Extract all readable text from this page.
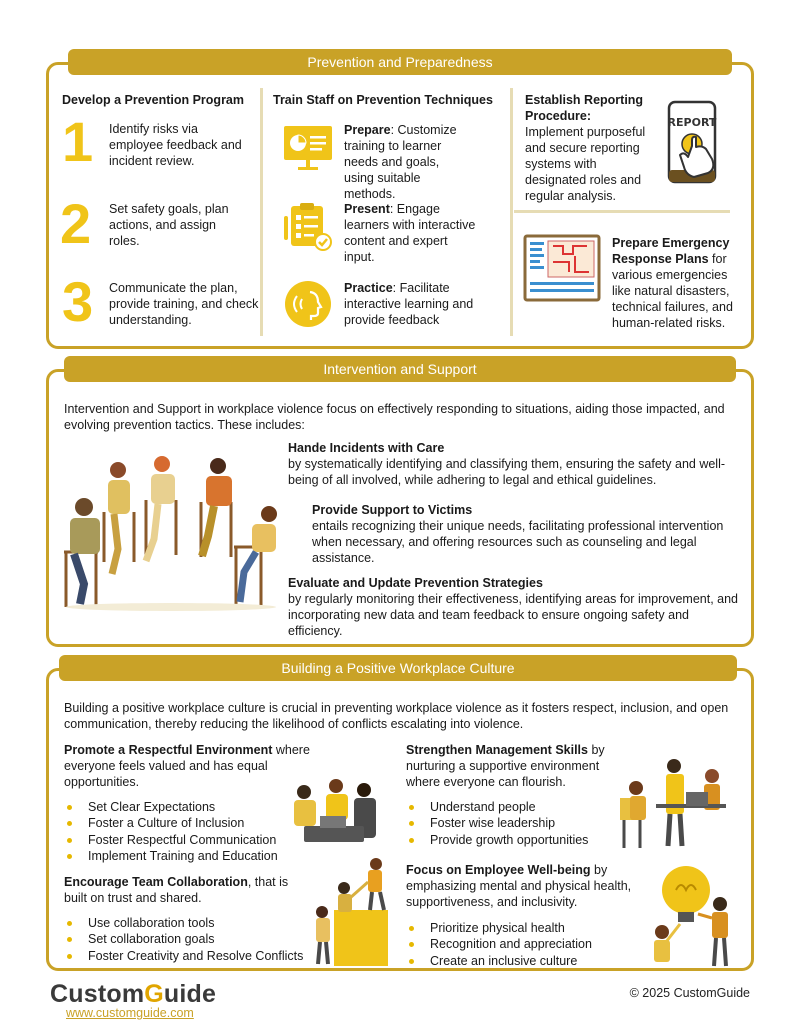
Prevention and Preparedness
Develop a Prevention Program
1 Identify risks via employee feedback and incident review.
2 Set safety goals, plan actions, and assign roles.
3 Communicate the plan, provide training, and check understanding.
Train Staff on Prevention Techniques
Prepare: Customize training to learner needs and goals, using suitable methods.
Present: Engage learners with interactive content and expert input.
Practice: Facilitate interactive learning and provide feedback
Establish Reporting Procedure:
Implement purposeful and secure reporting systems with designated roles and regular analysis.
REPORT
Prepare Emergency Response Plans for various emergencies like natural disasters, technical failures, and human-related risks.
Intervention and Support
Intervention and Support in workplace violence focus on effectively responding to situations, aiding those impacted, and evolving prevention tactics. These includes:
Hande Incidents with Care
by systematically identifying and classifying them, ensuring the safety and well-being of all involved, while adhering to legal and ethical guidelines.
Provide Support to Victims
entails recognizing their unique needs, facilitating professional intervention when necessary, and offering resources such as counseling and legal assistance.
Evaluate and Update Prevention Strategies
by regularly monitoring their effectiveness, identifying areas for improvement, and incorporating new data and team feedback to ensure ongoing safety and efficiency.
Building a Positive Workplace Culture
Building a positive workplace culture is crucial in preventing workplace violence as it fosters respect, inclusion, and open communication, thereby reducing the likelihood of conflicts escalating into violence.
Promote a Respectful Environment where everyone feels valued and has equal opportunities.
Set Clear Expectations
Foster a Culture of Inclusion
Foster Respectful Communication
Implement Training and Education
Encourage Team Collaboration, that is built on trust and shared.
Use collaboration tools
Set collaboration goals
Foster Creativity and Resolve Conflicts
Strengthen Management Skills by nurturing a supportive environment where everyone can flourish.
Understand people
Foster wise leadership
Provide growth opportunities
Focus on Employee Well-being by emphasizing mental and physical health, supportiveness, and inclusivity.
Prioritize physical health
Recognition and appreciation
Create an inclusive culture
CustomGuide
www.customguide.com
© 2025 CustomGuide
